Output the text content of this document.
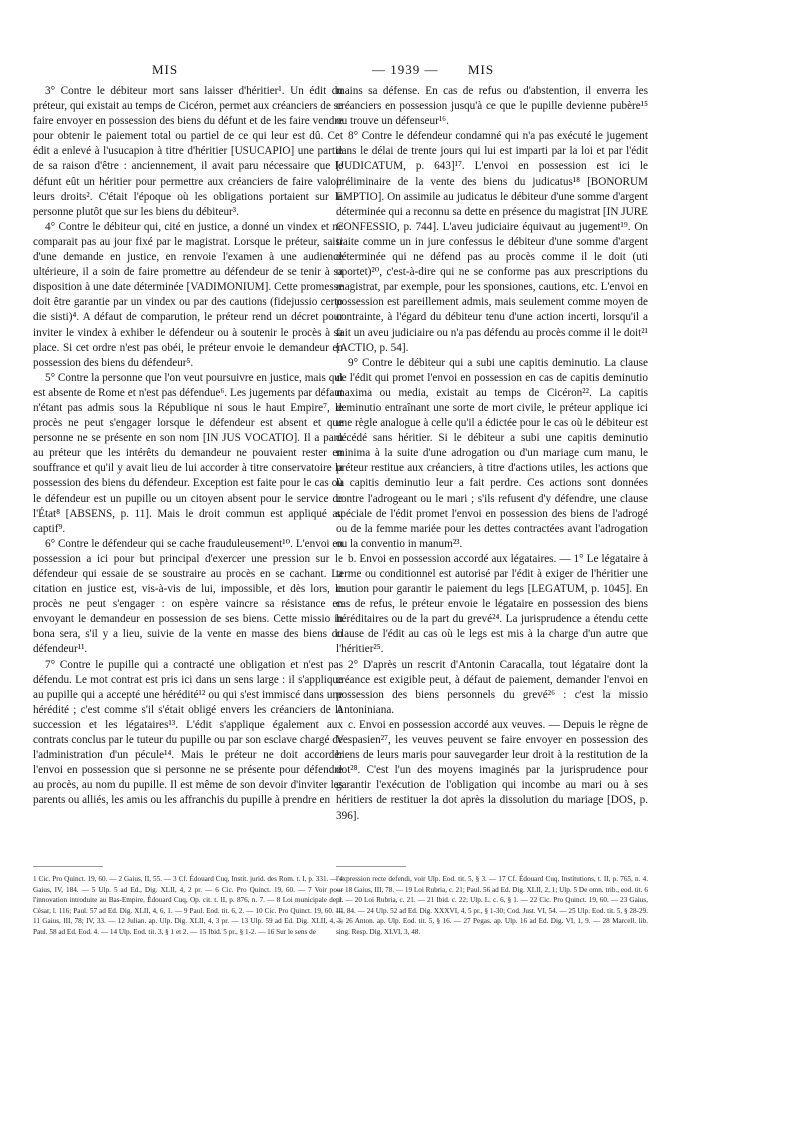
MIS	— 1939 — MIS

3° Contre le débiteur mort sans laisser d'héritier¹. Un édit du préteur, qui existait au temps de Cicéron, permet aux créanciers de se faire envoyer en possession des biens du défunt et de les faire vendre pour obtenir le paiement total ou partiel de ce qui leur est dû. Cet édit a enlevé à l'usucapion à titre d'héritier [USUCAPIO] une partie de sa raison d'être : anciennement, il avait paru nécessaire que le défunt eût un héritier pour permettre aux créanciers de faire valoir leurs droits². C'était l'époque où les obligations portaient sur la personne plutôt que sur les biens du débiteur³.

4° Contre le débiteur qui, cité en justice, a donné un vindex et ne comparait pas au jour fixé par le magistrat. Lorsque le préteur, saisi d'une demande en justice, en renvoie l'examen à une audience ultérieure, il a soin de faire promettre au défendeur de se tenir à sa disposition à une date déterminée [VADIMONIUM]. Cette promesse doit être garantie par un vindex ou par des cautions (fidejussio certo die sisti)⁴. A défaut de comparution, le préteur rend un décret pour inviter le vindex à exhiber le défendeur ou à soutenir le procès à sa place. Si cet ordre n'est pas obéi, le préteur envoie le demandeur en possession des biens du défendeur⁵.

5° Contre la personne que l'on veut poursuivre en justice, mais qui est absente de Rome et n'est pas défendue⁶. Les jugements par défaut n'étant pas admis sous la République ni sous le haut Empire⁷, le procès ne peut s'engager lorsque le défendeur est absent et que personne ne se présente en son nom [IN JUS VOCATIO]. Il a paru au préteur que les intérêts du demandeur ne pouvaient rester en souffrance et qu'il y avait lieu de lui accorder à titre conservatoire la possession des biens du défendeur. Exception est faite pour le cas où le défendeur est un pupille ou un citoyen absent pour le service de l'État⁸ [ABSENS, p. 11]. Mais le droit commun est appliqué au captif⁹.

6° Contre le défendeur qui se cache frauduleusement¹⁰. L'envoi en possession a ici pour but principal d'exercer une pression sur le défendeur qui essaie de se soustraire au procès en se cachant. La citation en justice est, vis-à-vis de lui, impossible, et dès lors, le procès ne peut s'engager : on espère vaincre sa résistance en envoyant le demandeur en possession de ses biens. Cette missio in bona sera, s'il y a lieu, suivie de la vente en masse des biens du défendeur¹¹.

7° Contre le pupille qui a contracté une obligation et n'est pas défendu. Le mot contrat est pris ici dans un sens large : il s'applique au pupille qui a accepté une hérédité¹² ou qui s'est immiscé dans une hérédité ; c'est comme s'il s'était obligé envers les créanciers de la succession et les légataires¹³. L'édit s'applique également aux contrats conclus par le tuteur du pupille ou par son esclave chargé de l'administration d'un pécule¹⁴. Mais le préteur ne doit accorder l'envoi en possession que si personne ne se présente pour défendre au procès, au nom du pupille. Il est même de son devoir d'inviter les parents ou alliés, les amis ou les affranchis du pupille à prendre en

mains sa défense. En cas de refus ou d'abstention, il enverra les créanciers en possession jusqu'à ce que le pupille devienne pubère¹⁵ ou trouve un défenseur¹⁶.

8° Contre le défendeur condamné qui n'a pas exécuté le jugement dans le délai de trente jours qui lui est imparti par la loi et par l'édit [JUDICATUM, p. 643]¹⁷. L'envoi en possession est ici le préliminaire de la vente des biens du judicatus¹⁸ [BONORUM EMPTIO]. On assimile au judicatus le débiteur d'une somme d'argent déterminée qui a reconnu sa dette en présence du magistrat [IN JURE CONFESSIO, p. 744]. L'aveu judiciaire équivaut au jugement¹⁹. On traite comme un in jure confessus le débiteur d'une somme d'argent déterminée qui ne défend pas au procès comme il le doit (uti oportet)²⁰, c'est-à-dire qui ne se conforme pas aux prescriptions du magistrat, par exemple, pour les sponsiones, cautions, etc. L'envoi en possession est pareillement admis, mais seulement comme moyen de contrainte, à l'égard du débiteur tenu d'une action incerti, lorsqu'il a fait un aveu judiciaire ou n'a pas défendu au procès comme il le doit²¹ [ACTIO, p. 54].

9° Contre le débiteur qui a subi une capitis deminutio. La clause de l'édit qui promet l'envoi en possession en cas de capitis deminutio maxima ou media, existait au temps de Cicéron²². La capitis deminutio entraînant une sorte de mort civile, le préteur applique ici une règle analogue à celle qu'il a édictée pour le cas où le débiteur est décédé sans héritier. Si le débiteur a subi une capitis deminutio minima à la suite d'une adrogation ou d'un mariage cum manu, le préteur restitue aux créanciers, à titre d'actions utiles, les actions que la capitis deminutio leur a fait perdre. Ces actions sont données contre l'adrogeant ou le mari ; s'ils refusent d'y défendre, une clause spéciale de l'édit promet l'envoi en possession des biens de l'adrogé ou de la femme mariée pour les dettes contractées avant l'adrogation ou la conventio in manum²³.

b. Envoi en possession accordé aux légataires. — 1° Le légataire à terme ou conditionnel est autorisé par l'édit à exiger de l'héritier une caution pour garantir le paiement du legs [LEGATUM, p. 1045]. En cas de refus, le préteur envoie le légataire en possession des biens héréditaires ou de la part du grevé²⁴. La jurisprudence a étendu cette clause de l'édit au cas où le legs est mis à la charge d'un autre que l'héritier²⁵.

2° D'après un rescrit d'Antonin Caracalla, tout légataire dont la créance est exigible peut, à défaut de paiement, demander l'envoi en possession des biens personnels du grevé²⁶ : c'est la missio Antoniniana.

c. Envoi en possession accordé aux veuves. — Depuis le règne de Vespasien²⁷, les veuves peuvent se faire envoyer en possession des biens de leurs maris pour sauvegarder leur droit à la restitution de la dot²⁸. C'est l'un des moyens imaginés par la jurisprudence pour garantir l'exécution de l'obligation qui incombe au mari ou à ses héritiers de restituer la dot après la dissolution du mariage [DOS, p. 396].

1 Cic. Pro Quinct. 19, 60. — 2 Gaius, II, 55. — 3 Cf. Édouard Cuq, Instit. jurid. des Rom. t. I, p. 331. — 4 Gaius, IV, 184. — 5 Ulp. 5 ad Ed., Dig. XLII, 4, 2 pr. — 6 Cic. Pro Quinct. 19, 60. — 7 Voir pour l'innovation introduite au Bas-Empire, Édouard Cuq, Op. cit. t. II, p. 876, n. 7. — 8 Loi municipale de J. César, l. 116; Paul. 57 ad Ed. Dig. XLII, 4, 6, 1. — 9 Paul. Eod. tit. 6, 2. — 10 Cic. Pro Quinct. 19, 60. — 11 Gaius, III, 78; IV, 33. — 12 Julian. ap. Ulp. Dig. XLII, 4, 3 pr. — 13 Ulp. 59 ad Ed. Dig. XLII, 4, 3; Paul. 58 ad Ed. Eod. 4. — 14 Ulp. Eod. tit. 3, § 1 et 2. — 15 Ibid. 5 pr., § 1-2. — 16 Sur le sens de
l'expression recte defendi, voir Ulp. Eod. tit. 5, § 3. — 17 Cf. Édouard Cuq, Institutions, t. II, p. 765, n. 4. — 18 Gaius, III, 78. — 19 Loi Rubria, c. 21; Paul. 56 ad Ed. Dig. XLII, 2, 1; Ulp. 5 De omn. trib., eod. tit. 6 pr. — 20 Loi Rubria, c. 21. — 21 Ibid. c. 22; Ulp. L. c. 6, § 1. — 22 Cic. Pro Quinct. 19, 60. — 23 Gaius, III, 84. — 24 Ulp. 52 ad Ed. Dig. XXXVI, 4, 5 pr., § 1-30; Cod. Just. VI, 54. — 25 Ulp. Eod. tit. 5, § 28-29. — 26 Anton. ap. Ulp. Eod. tit. 5, § 16. — 27 Pegas. ap. Ulp. 16 ad Ed. Dig. VI, 1, 9. — 28 Marcell. lib. sing. Resp. Dig. XLVI, 3, 48.
